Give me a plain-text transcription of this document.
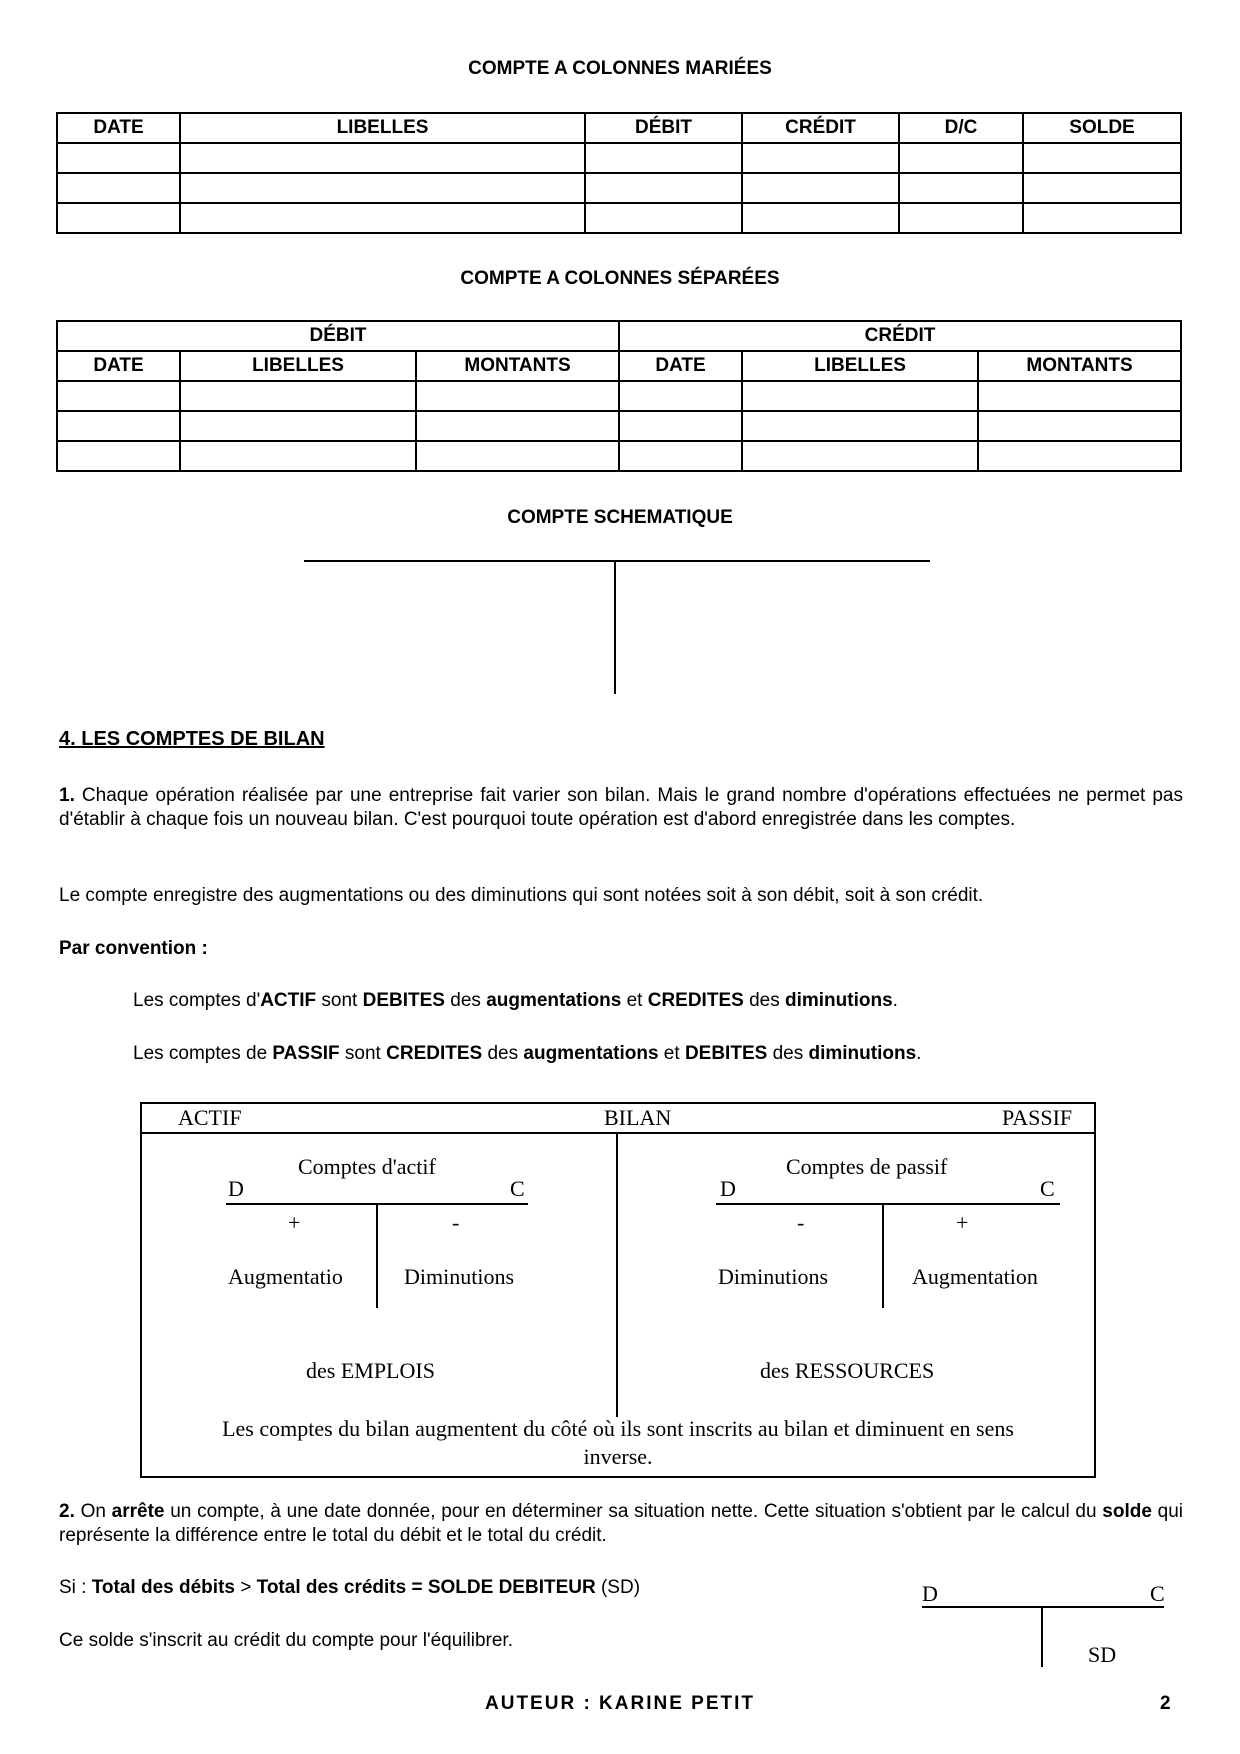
COMPTE A COLONNES MARIÉES
DATE	LIBELLES	DÉBIT	CRÉDIT	D/C	SOLDE

COMPTE A COLONNES SÉPARÉES
DÉBIT			CRÉDIT		
DATE	LIBELLES	MONTANTS	DATE	LIBELLES	MONTANTS

COMPTE SCHEMATIQUE
4. LES COMPTES DE BILAN

1. Chaque opération réalisée par une entreprise fait varier son bilan. Mais le grand nombre d'opérations effectuées ne permet pas d'établir à chaque fois un nouveau bilan. C'est pourquoi toute opération est d'abord enregistrée dans les comptes.

Le compte enregistre des augmentations ou des diminutions qui sont notées soit à son débit, soit à son crédit.

Par convention :

Les comptes d'ACTIF sont DEBITES des augmentations et CREDITES des diminutions.

Les comptes de PASSIF sont CREDITES des augmentations et DEBITES des diminutions.

ACTIF	BILAN	PASSIF
Comptes d'actif
D	C
+	-
Augmentatio	Diminutions
des EMPLOIS
Comptes de passif
D	C
-	+
Diminutions	Augmentation
des RESSOURCES
Les comptes du bilan augmentent du côté où ils sont inscrits au bilan et diminuent en sens
inverse.

2. On arrête un compte, à une date donnée, pour en déterminer sa situation nette. Cette situation s'obtient par le calcul du solde qui représente la différence entre le total du débit et le total du crédit.

Si : Total des débits > Total des crédits = SOLDE DEBITEUR (SD)

Ce solde s'inscrit au crédit du compte pour l'équilibrer.

D	C
SD
AUTEUR : KARINE PETIT	2
